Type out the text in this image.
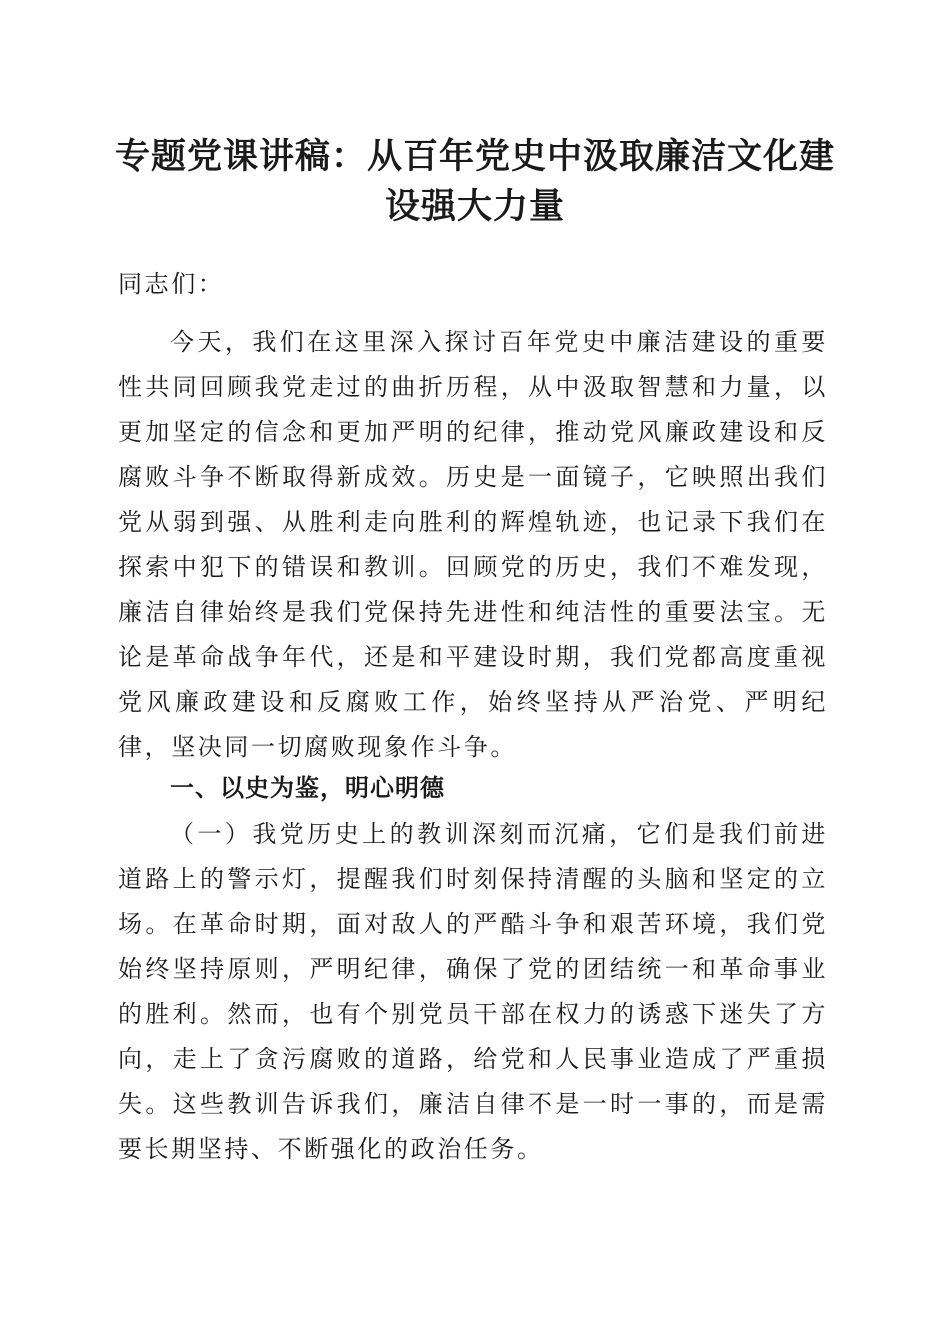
专题党课讲稿：从百年党史中汲取廉洁文化建设强大力量

同志们：

今天，我们在这里深入探讨百年党史中廉洁建设的重要性共同回顾我党走过的曲折历程，从中汲取智慧和力量，以更加坚定的信念和更加严明的纪律，推动党风廉政建设和反腐败斗争不断取得新成效。历史是一面镜子，它映照出我们党从弱到强、从胜利走向胜利的辉煌轨迹，也记录下我们在探索中犯下的错误和教训。回顾党的历史，我们不难发现，廉洁自律始终是我们党保持先进性和纯洁性的重要法宝。无论是革命战争年代，还是和平建设时期，我们党都高度重视党风廉政建设和反腐败工作，始终坚持从严治党、严明纪律，坚决同一切腐败现象作斗争。

一、以史为鉴，明心明德

（一）我党历史上的教训深刻而沉痛，它们是我们前进道路上的警示灯，提醒我们时刻保持清醒的头脑和坚定的立场。在革命时期，面对敌人的严酷斗争和艰苦环境，我们党始终坚持原则，严明纪律，确保了党的团结统一和革命事业的胜利。然而，也有个别党员干部在权力的诱惑下迷失了方向，走上了贪污腐败的道路，给党和人民事业造成了严重损失。这些教训告诉我们，廉洁自律不是一时一事的，而是需要长期坚持、不断强化的政治任务。
